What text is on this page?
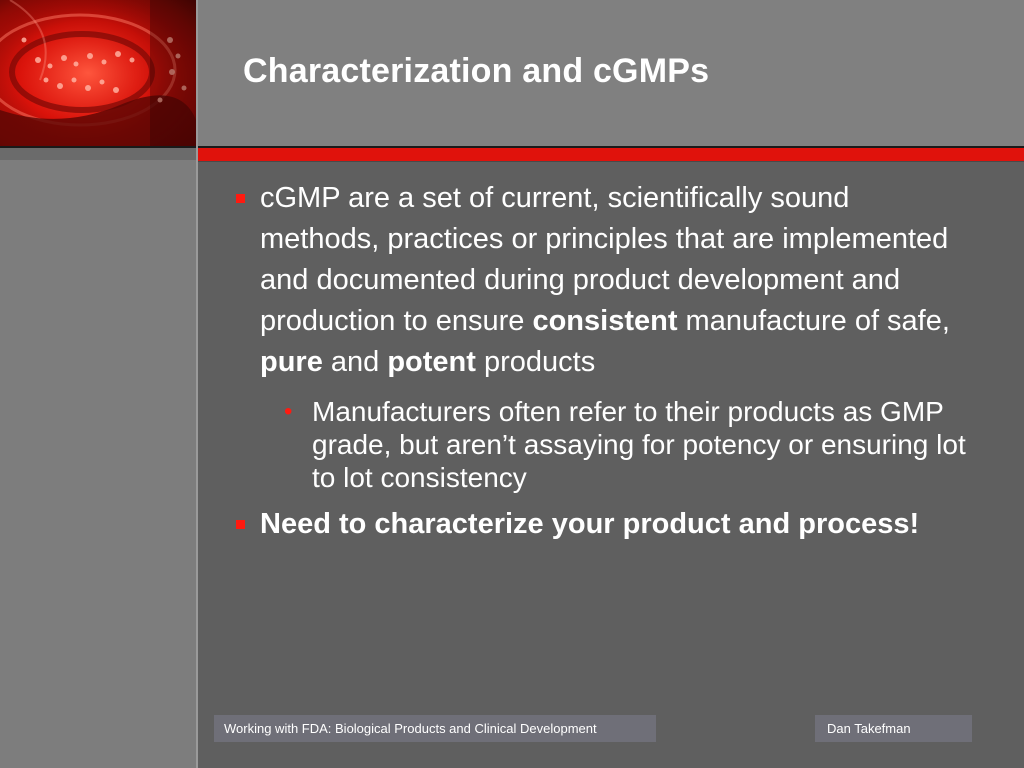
Characterization and cGMPs

cGMP are a set of current, scientifically sound methods, practices or principles that are implemented and documented during product development and production to ensure consistent manufacture of safe, pure and potent products

• Manufacturers often refer to their products as GMP grade, but aren’t assaying for potency or ensuring lot to lot consistency

Need to characterize your product and process!

Working with FDA: Biological Products and Clinical Development	Dan Takefman
